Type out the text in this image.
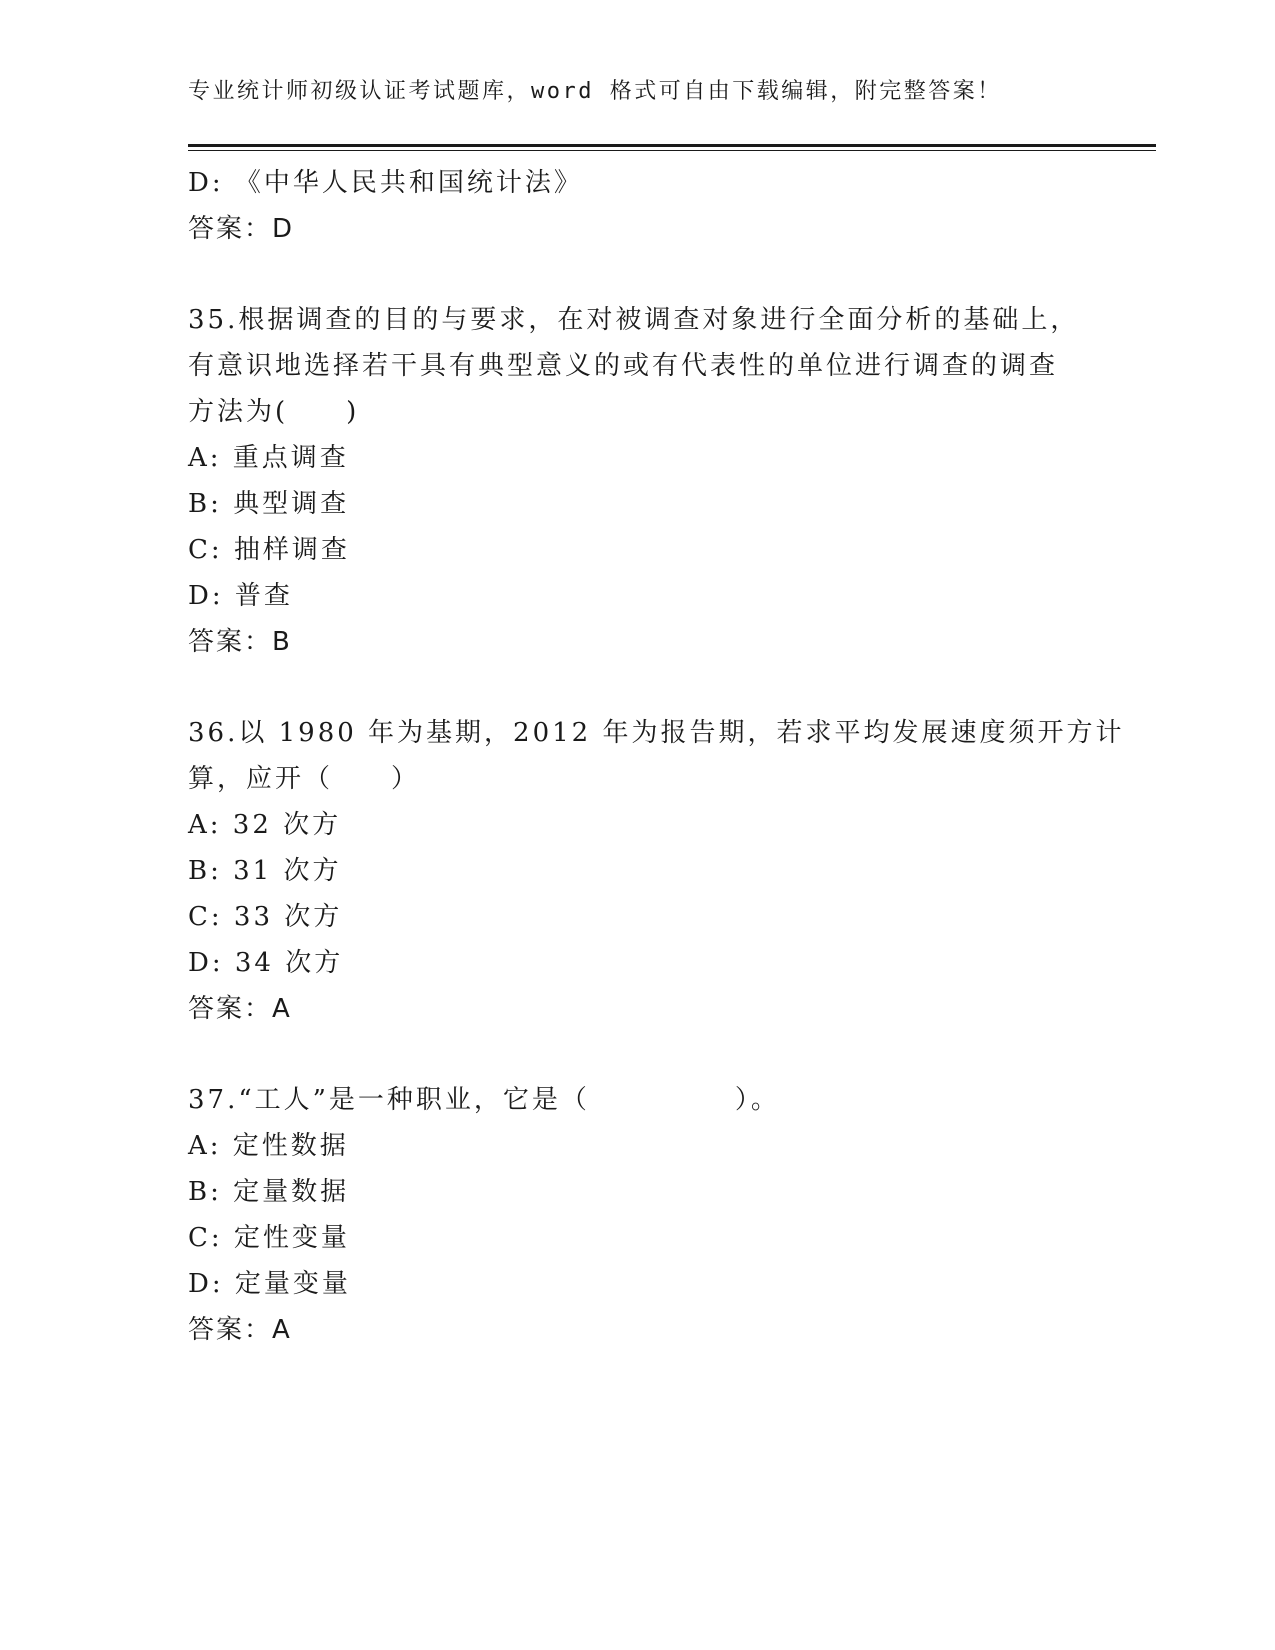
专业统计师初级认证考试题库，word 格式可自由下载编辑，附完整答案！
D: 《中华人民共和国统计法》
答案：D
35.根据调查的目的与要求，在对被调查对象进行全面分析的基础上，
有意识地选择若干具有典型意义的或有代表性的单位进行调查的调查
方法为(　　)
A: 重点调查
B: 典型调查
C: 抽样调查
D: 普查
答案：B
36.以 1980 年为基期，2012 年为报告期，若求平均发展速度须开方计
算，应开（　　）
A: 32 次方
B: 31 次方
C: 33 次方
D: 34 次方
答案：A
37.“工人”是一种职业，它是（　　　　　）。
A: 定性数据
B: 定量数据
C: 定性变量
D: 定量变量
答案：A
